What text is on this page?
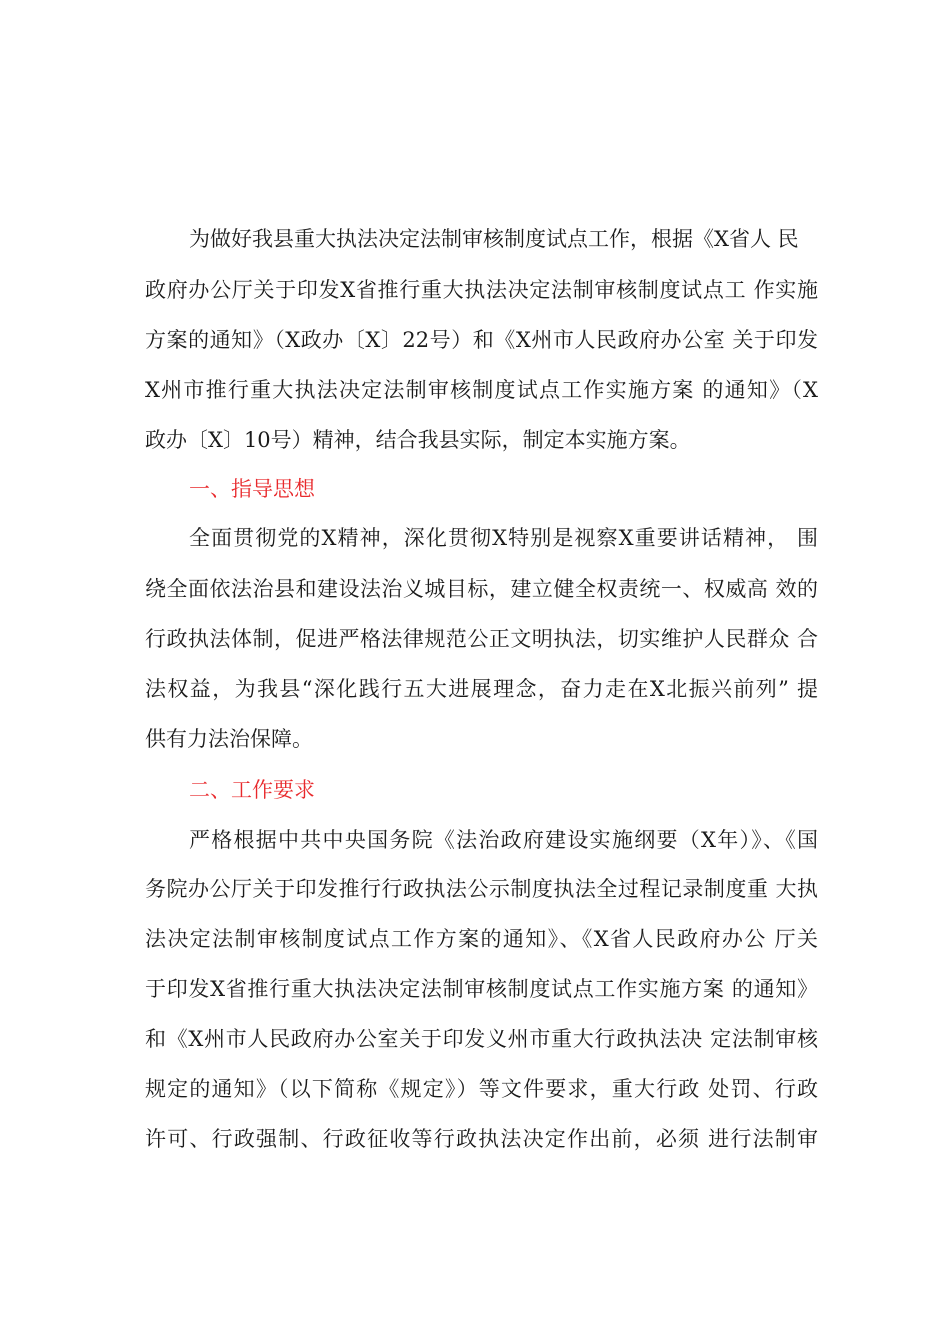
为做好我县重大执法决定法制审核制度试点工作，根据《X省人 民
政府办公厅关于印发X省推行重大执法决定法制审核制度试点工 作实施
方案的通知》（X政办〔X〕22号）和《X州市人民政府办公室 关于印发
X州市推行重大执法决定法制审核制度试点工作实施方案 的通知》（X
政办〔X〕10号）精神，结合我县实际，制定本实施方案。
一、指导思想
全面贯彻党的X精神，深化贯彻X特别是视察X重要讲话精神， 围
绕全面依法治县和建设法治义城目标，建立健全权责统一、权威高 效的
行政执法体制，促进严格法律规范公正文明执法，切实维护人民群众 合
法权益，为我县“深化践行五大进展理念，奋力走在X北振兴前列” 提
供有力法治保障。
二、工作要求
严格根据中共中央国务院《法治政府建设实施纲要（X年）》、《国
务院办公厅关于印发推行行政执法公示制度执法全过程记录制度重 大执
法决定法制审核制度试点工作方案的通知》、《X省人民政府办公 厅关
于印发X省推行重大执法决定法制审核制度试点工作实施方案 的通知》
和《X州市人民政府办公室关于印发义州市重大行政执法决 定法制审核
规定的通知》（以下简称《规定》）等文件要求，重大行政 处罚、行政
许可、行政强制、行政征收等行政执法决定作出前，必须 进行法制审
